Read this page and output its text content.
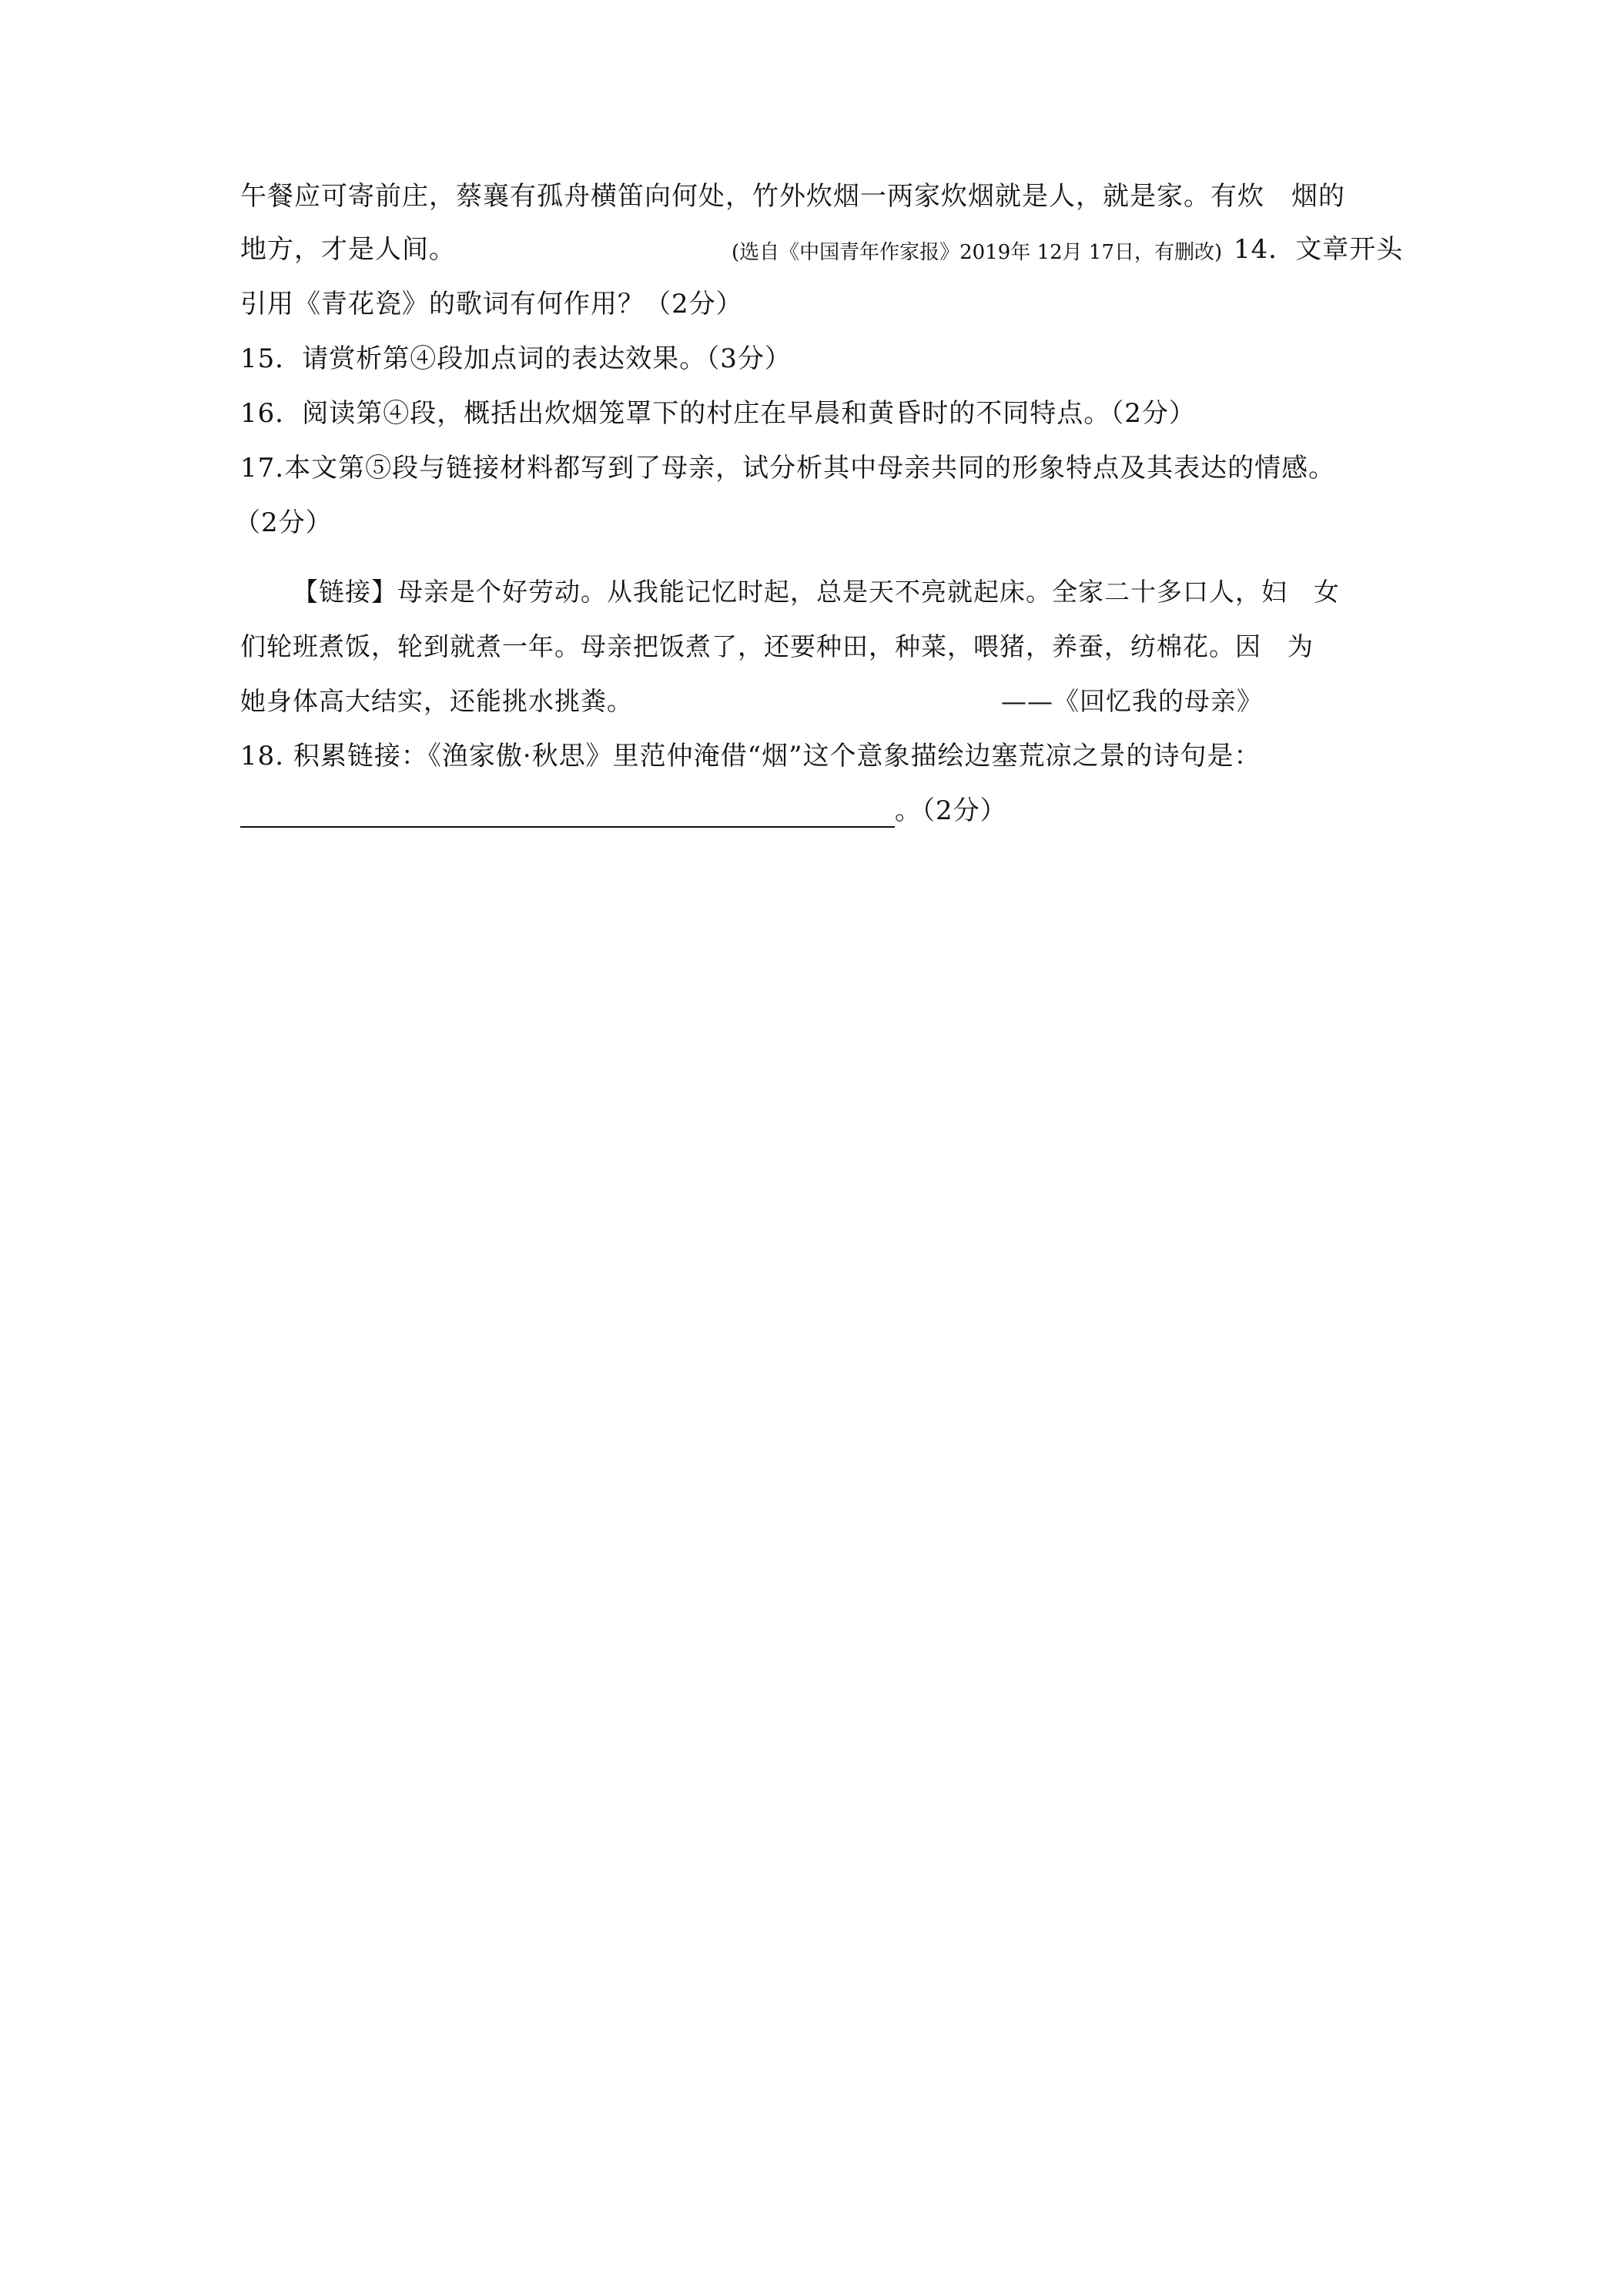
午餐应可寄前庄，蔡襄有孤舟横笛向何处，竹外炊烟一两家炊烟就是人，就是家。有炊　烟的
地方，才是人间。	(选自《中国青年作家报》2019年 12月 17日，有删改) 14．文章开头
引用《青花瓷》的歌词有何作用？（2分）
15．请赏析第④段加点词的表达效果。（3分）
16．阅读第④段，概括出炊烟笼罩下的村庄在早晨和黄昏时的不同特点。（2分）
17.本文第⑤段与链接材料都写到了母亲，试分析其中母亲共同的形象特点及其表达的情感。
（2分）
【链接】母亲是个好劳动。从我能记忆时起，总是天不亮就起床。全家二十多口人，妇　女
们轮班煮饭，轮到就煮一年。母亲把饭煮了，还要种田，种菜，喂猪，养蚕，纺棉花。因　为
她身体高大结实，还能挑水挑粪。	——《回忆我的母亲》
18. 积累链接：《渔家傲·秋思》里范仲淹借“烟”这个意象描绘边塞荒凉之景的诗句是：
。（2分）
